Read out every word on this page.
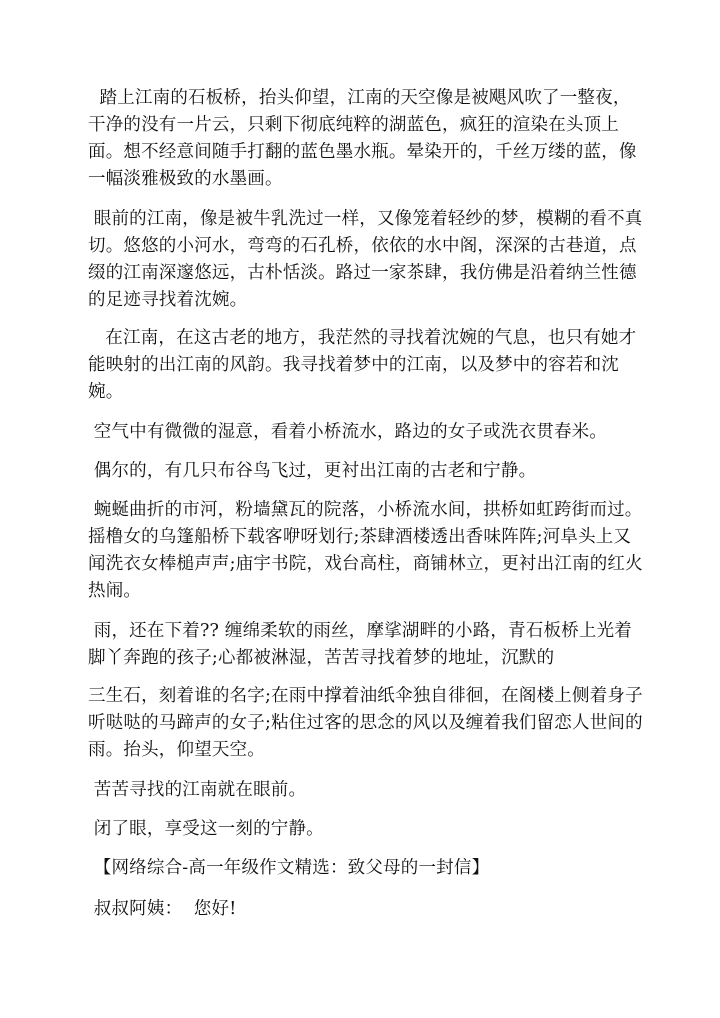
踏上江南的石板桥，抬头仰望，江南的天空像是被飓风吹了一整夜，干净的没有一片云，只剩下彻底纯粹的湖蓝色，疯狂的渲染在头顶上面。想不经意间随手打翻的蓝色墨水瓶。晕染开的，千丝万缕的蓝，像一幅淡雅极致的水墨画。

眼前的江南，像是被牛乳洗过一样，又像笼着轻纱的梦，模糊的看不真切。悠悠的小河水，弯弯的石孔桥，依依的水中阁，深深的古巷道，点缀的江南深邃悠远，古朴恬淡。路过一家茶肆，我仿佛是沿着纳兰性德的足迹寻找着沈婉。

在江南，在这古老的地方，我茫然的寻找着沈婉的气息，也只有她才能映射的出江南的风韵。我寻找着梦中的江南，以及梦中的容若和沈婉。

空气中有微微的湿意，看着小桥流水，路边的女子或洗衣贯春米。

偶尔的，有几只布谷鸟飞过，更衬出江南的古老和宁静。

蜿蜒曲折的市河，粉墙黛瓦的院落，小桥流水间，拱桥如虹跨街而过。摇橹女的乌篷船桥下载客咿呀划行;茶肆酒楼透出香味阵阵;河阜头上又闻洗衣女棒槌声声;庙宇书院，戏台高柱，商铺林立，更衬出江南的红火热闹。

雨，还在下着?? 缠绵柔软的雨丝，摩挲湖畔的小路，青石板桥上光着脚丫奔跑的孩子;心都被淋湿，苦苦寻找着梦的地址，沉默的

三生石，刻着谁的名字;在雨中撑着油纸伞独自徘徊，在阁楼上侧着身子听哒哒的马蹄声的女子;粘住过客的思念的风以及缠着我们留恋人世间的雨。抬头，仰望天空。

苦苦寻找的江南就在眼前。

闭了眼，享受这一刻的宁静。

【网络综合-高一年级作文精选：致父母的一封信】

叔叔阿姨：  您好!
